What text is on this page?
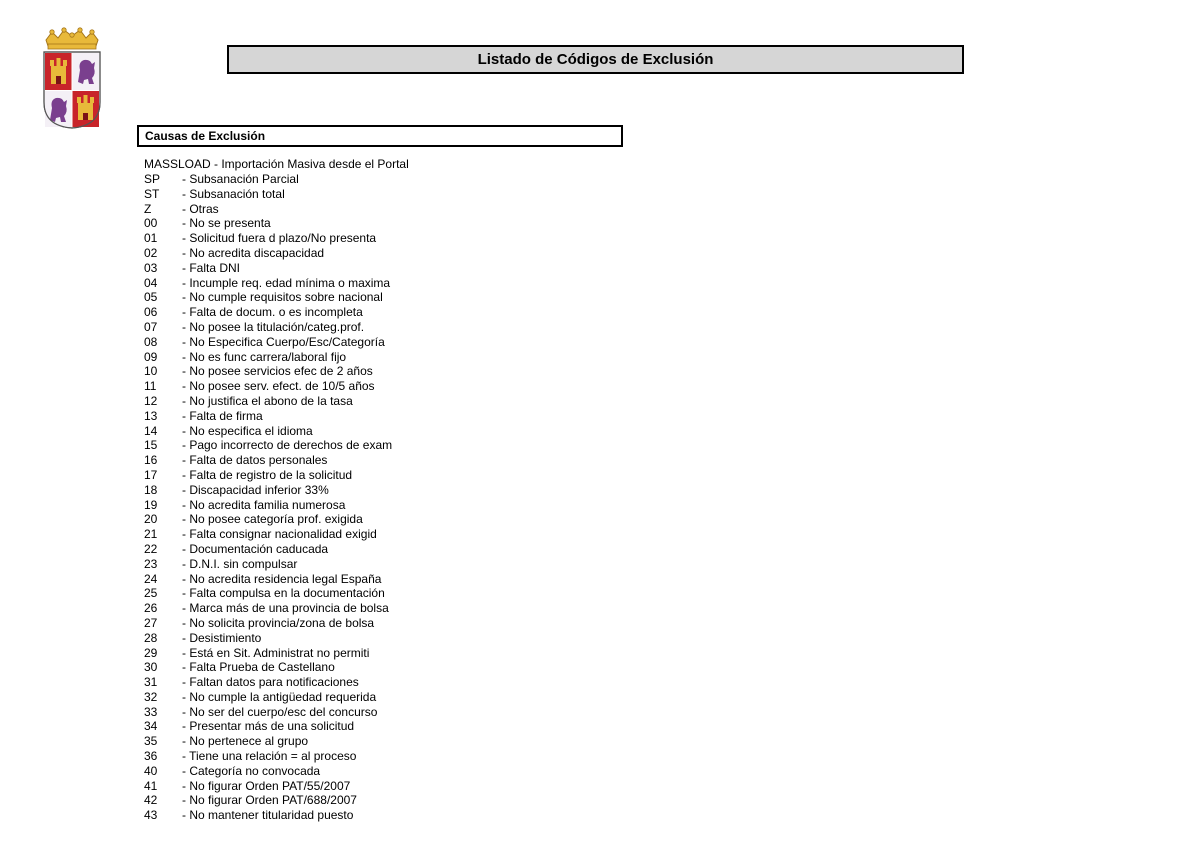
Listado de Códigos de Exclusión
Causas de Exclusión
MASSLOAD - Importación Masiva desde el Portal
SP - Subsanación Parcial
ST - Subsanación total
Z	- Otras
00 - No se presenta
01 - Solicitud fuera d plazo/No presenta
02 - No acredita discapacidad
03 - Falta DNI
04 - Incumple req. edad mínima o maxima
05 - No cumple requisitos sobre nacional
06 - Falta de docum. o es incompleta
07 - No posee la titulación/categ.prof.
08 - No Especifica Cuerpo/Esc/Categoría
09 - No es func carrera/laboral fijo
10 - No posee servicios efec de 2 años
11 - No posee serv. efect. de 10/5 años
12 - No justifica el abono de la tasa
13 - Falta de firma
14 - No especifica el idioma
15 - Pago incorrecto de derechos de exam
16 - Falta de datos personales
17 - Falta de registro de la solicitud
18 - Discapacidad inferior 33%
19 - No acredita familia numerosa
20 - No posee categoría prof. exigida
21 - Falta consignar nacionalidad exigid
22 - Documentación caducada
23 - D.N.I. sin compulsar
24 - No acredita residencia legal España
25 - Falta compulsa en la documentación
26 - Marca más de una provincia de bolsa
27 - No solicita provincia/zona de bolsa
28 - Desistimiento
29 - Está en Sit. Administrat no permiti
30 - Falta Prueba de Castellano
31 - Faltan datos para notificaciones
32 - No cumple la antigüedad requerida
33 - No ser del cuerpo/esc del concurso
34 - Presentar más de una solicitud
35 - No pertenece al grupo
36 - Tiene una relación = al proceso
40 - Categoría no convocada
41 - No figurar Orden PAT/55/2007
42 - No figurar Orden PAT/688/2007
43 - No mantener titularidad puesto
